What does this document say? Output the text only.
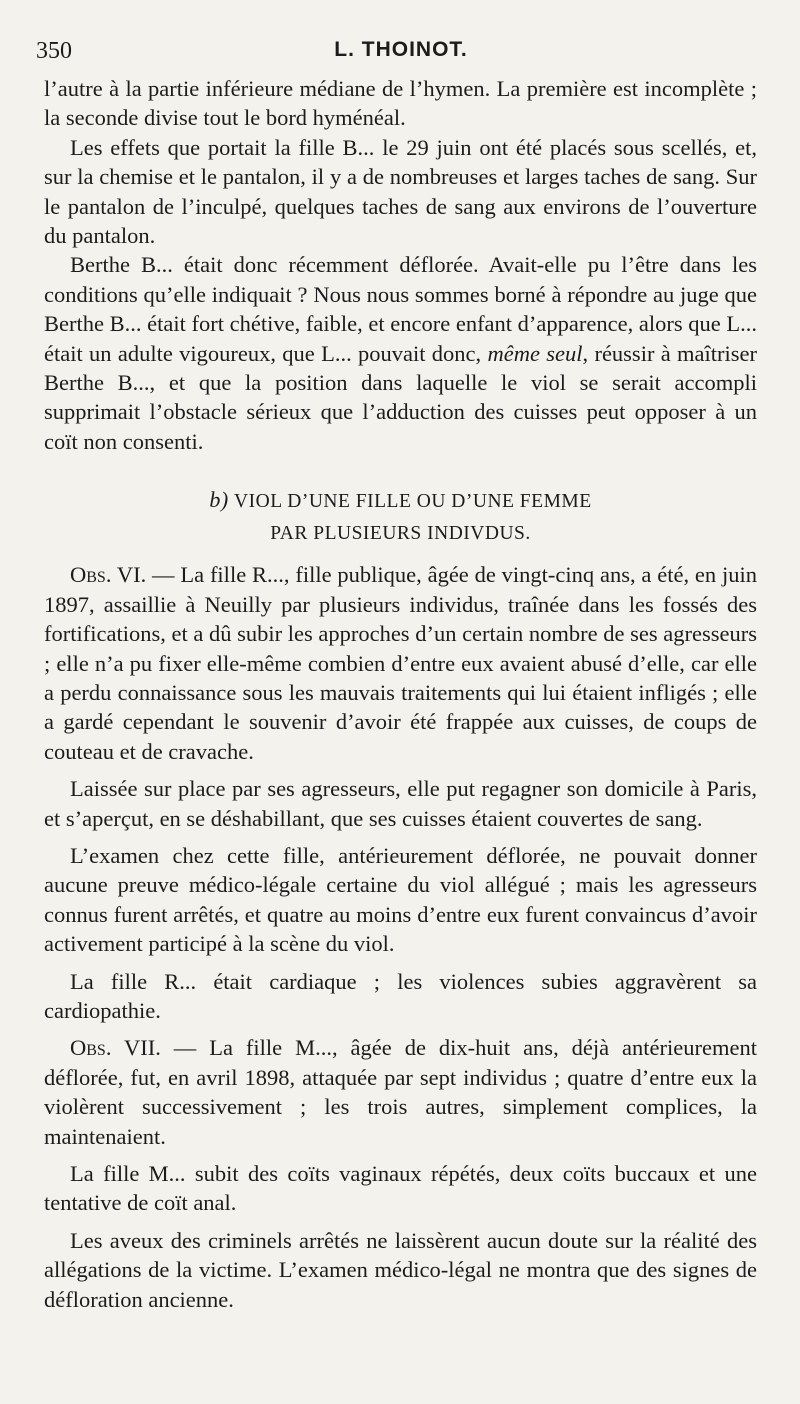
350	L. THOINOT.

l’autre à la partie inférieure médiane de l’hymen. La première est incomplète ; la seconde divise tout le bord hyménéal.

Les effets que portait la fille B... le 29 juin ont été placés sous scellés, et, sur la chemise et le pantalon, il y a de nombreuses et larges taches de sang. Sur le pantalon de l’inculpé, quelques taches de sang aux environs de l’ouverture du pantalon.

Berthe B... était donc récemment déflorée. Avait-elle pu l’être dans les conditions qu’elle indiquait ? Nous nous sommes borné à répondre au juge que Berthe B... était fort chétive, faible, et encore enfant d’apparence, alors que L... était un adulte vigoureux, que L... pouvait donc, même seul, réussir à maîtriser Berthe B..., et que la position dans laquelle le viol se serait accompli supprimait l’obstacle sérieux que l’adduction des cuisses peut opposer à un coït non consenti.

b) VIOL D’UNE FILLE OU D’UNE FEMME
PAR PLUSIEURS INDIVDUS.

Obs. VI. — La fille R..., fille publique, âgée de vingt-cinq ans, a été, en juin 1897, assaillie à Neuilly par plusieurs individus, traînée dans les fossés des fortifications, et a dû subir les approches d’un certain nombre de ses agresseurs ; elle n’a pu fixer elle-même combien d’entre eux avaient abusé d’elle, car elle a perdu connaissance sous les mauvais traitements qui lui étaient infligés ; elle a gardé cependant le souvenir d’avoir été frappée aux cuisses, de coups de couteau et de cravache.

Laissée sur place par ses agresseurs, elle put regagner son domicile à Paris, et s’aperçut, en se déshabillant, que ses cuisses étaient couvertes de sang.

L’examen chez cette fille, antérieurement déflorée, ne pouvait donner aucune preuve médico-légale certaine du viol allégué ; mais les agresseurs connus furent arrêtés, et quatre au moins d’entre eux furent convaincus d’avoir activement participé à la scène du viol.

La fille R... était cardiaque ; les violences subies aggravèrent sa cardiopathie.

Obs. VII. — La fille M..., âgée de dix-huit ans, déjà antérieurement déflorée, fut, en avril 1898, attaquée par sept individus ; quatre d’entre eux la violèrent successivement ; les trois autres, simplement complices, la maintenaient.

La fille M... subit des coïts vaginaux répétés, deux coïts buccaux et une tentative de coït anal.

Les aveux des criminels arrêtés ne laissèrent aucun doute sur la réalité des allégations de la victime. L’examen médico-légal ne montra que des signes de défloration ancienne.
